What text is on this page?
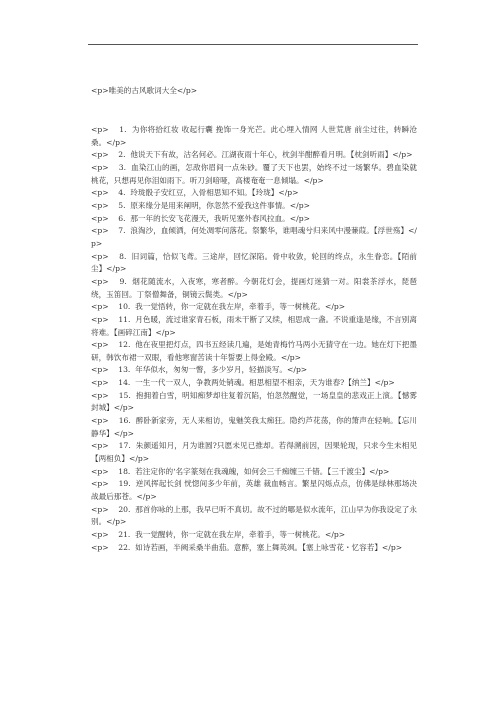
<p>唯美的古风歌词大全</p>
<p>    1.  为你将拾红妆 收起行囊 挽饰一身光芒。此心埋入情网 人世荒唐 前尘过往，转瞬沧桑。</p>
<p>    2.  他说天下有故，沽名何必。江湖夜雨十年心，枕剑半酣醉看月明。【枕剑听雨】</p>
<p>    3.  血染江山的画，怎敌你眉间一点朱砂。覆了天下也罢，始终不过一场繁华。碧血染就桃花，只想再见你泪如雨下。听刀剑喑哑，高楼奄奄一息倾塌。</p>
<p>    4.  玲珑骰子安红豆，入骨相思知不知。【玲珑】</p>
<p>    5.  原来缘分是用来阐明，你忽然不爱我这件事情。</p>
<p>    6.  那一年的长安飞花漫天，我听见塞外春风拉血。</p>
<p>    7.  浪淘沙，血倾洒，何处凋零问落花。祭繁华，谁唱魂兮归来风中漫蒹葭。【浮世殇】</p>
<p>    8.  旧词篇，恰似飞鸢。三途岸，回忆深陷。骨中收敛，轮回的终点，永生眷恋。【陌前尘】</p>
<p>    9.  烟花随流水，入夜寒，寒者醉。今朝花灯会，提画灯迷猜一对。阳裳茶浮水，琵琶绕，玉笛回。丁祭僧舞备，铜镜云鬓类。</p>
<p>    10.  我一觉悟转，你一定就在我左岸，牵着手，等一树桃花。</p>
<p>    11.  月色暖，流过谁家青石板，雨未干断了又续，相思成一盏。不说重逢是缘，不言别离将难。【画碎江南】</p>
<p>    12.  他在夜里把灯点，四书五经读几遍，是她青梅竹马两小无猜守在一边。她在灯下把墨研，韩饮布裙一双眼，看他寒窗苦读十年誓要上得金殿。</p>
<p>    13.  年华似水，匆匆一瞥，多少岁月，轻描淡写。</p>
<p>    14.  一生一代一双人，争教两处销魂。相思相望不相亲，天为谁春?【纳兰】</p>
<p>    15.  抱拥着白雪，明知痴梦却往复着沉陷，怕忽然醒觉，一场皇皇的悲戏正上演。【憾雾封城】</p>
<p>    16.  醉卧新家旁，无人来相访，鬼魅笑我太痴狂。隐约芦花荡，你的箫声在轻响。【忘川静华】</p>
<p>    17.  朱颜遥知月，月为谁圆?只愿未见已推却。若得溯前因，因果轮现，只求今生未相见【两相负】</p>
<p>    18.  若注定你的‘名字篆刻在我魂魄，如何会三千痴缠三千错。【三千渡尘】</p>
<p>    19.  逆风挥起长剑 恍惚间多少年前，英雄 裁血畅言。繁星闪烁点点，仿佛是绿林那场决战最后那苍。</p>
<p>    20.  那首你咏的上那，我早已听不真切。故不过的哪是似水流年，江山早为你我设定了永别。</p>
<p>    21.  我一觉醒转，你一定就在我左岸，牵着手，等一树桃花。</p>
<p>    22.  如诗若画，半阙采桑半曲茄。意醉，塞上舞英飒。【塞上咏雪花・忆容若】</p>
